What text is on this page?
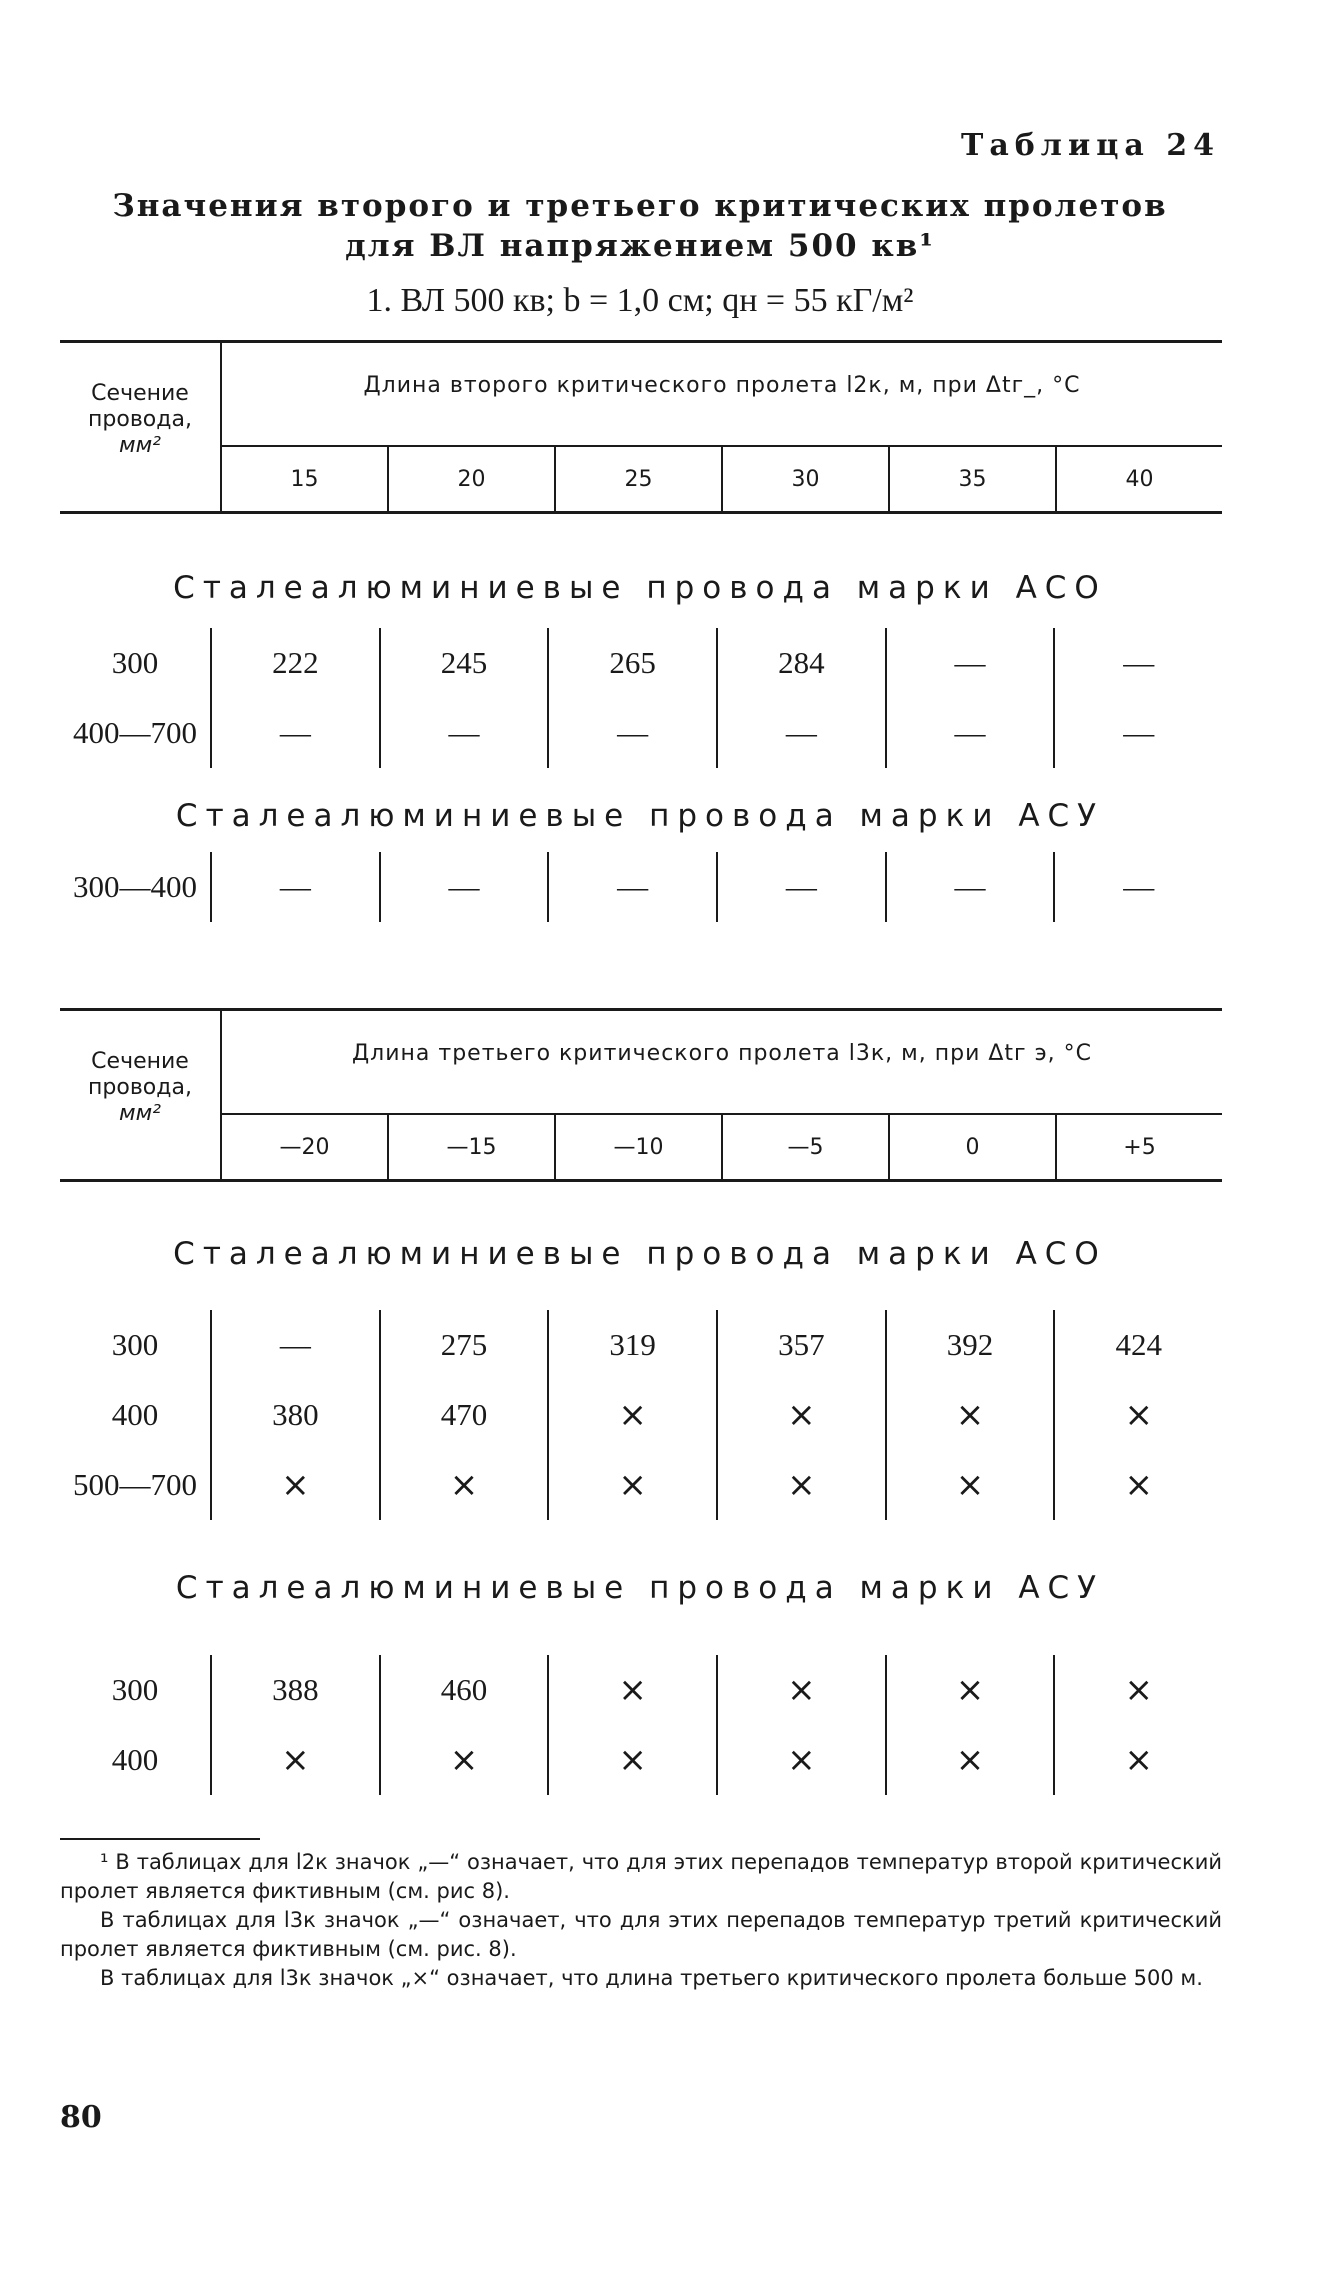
Таблица 24
Значения второго и третьего критических пролетов
для ВЛ напряжением 500 кв¹
1. ВЛ 500 кв; b = 1,0 см; qн = 55 кГ/м²
Сечение
провода,
мм²
Длина второго критического пролета l2к, м, при Δtг_, °С
15	20	25	30	35	40
Сталеалюминиевые провода марки АСО
300	222	245	265	284	—	—
400—700	—	—	—	—	—	—
Сталеалюминиевые провода марки АСУ
300—400	—	—	—	—	—	—
Сечение
провода,
мм²
Длина третьего критического пролета l3к, м, при Δtг э, °С
—20	—15	—10	—5	0	+5
Сталеалюминиевые провода марки АСО
300	—	275	319	357	392	424
400	380	470	×	×	×	×
500—700	×	×	×	×	×	×
Сталеалюминиевые провода марки АСУ
300	388	460	×	×	×	×
400	×	×	×	×	×	×

¹ В таблицах для l2к значок „—“ означает, что для этих перепадов температур второй критический пролет является фиктивным (см. рис 8).

В таблицах для l3к значок „—“ означает, что для этих перепадов температур третий критический пролет является фиктивным (см. рис. 8).

В таблицах для l3к значок „×“ означает, что длина третьего критического пролета больше 500 м.

80
